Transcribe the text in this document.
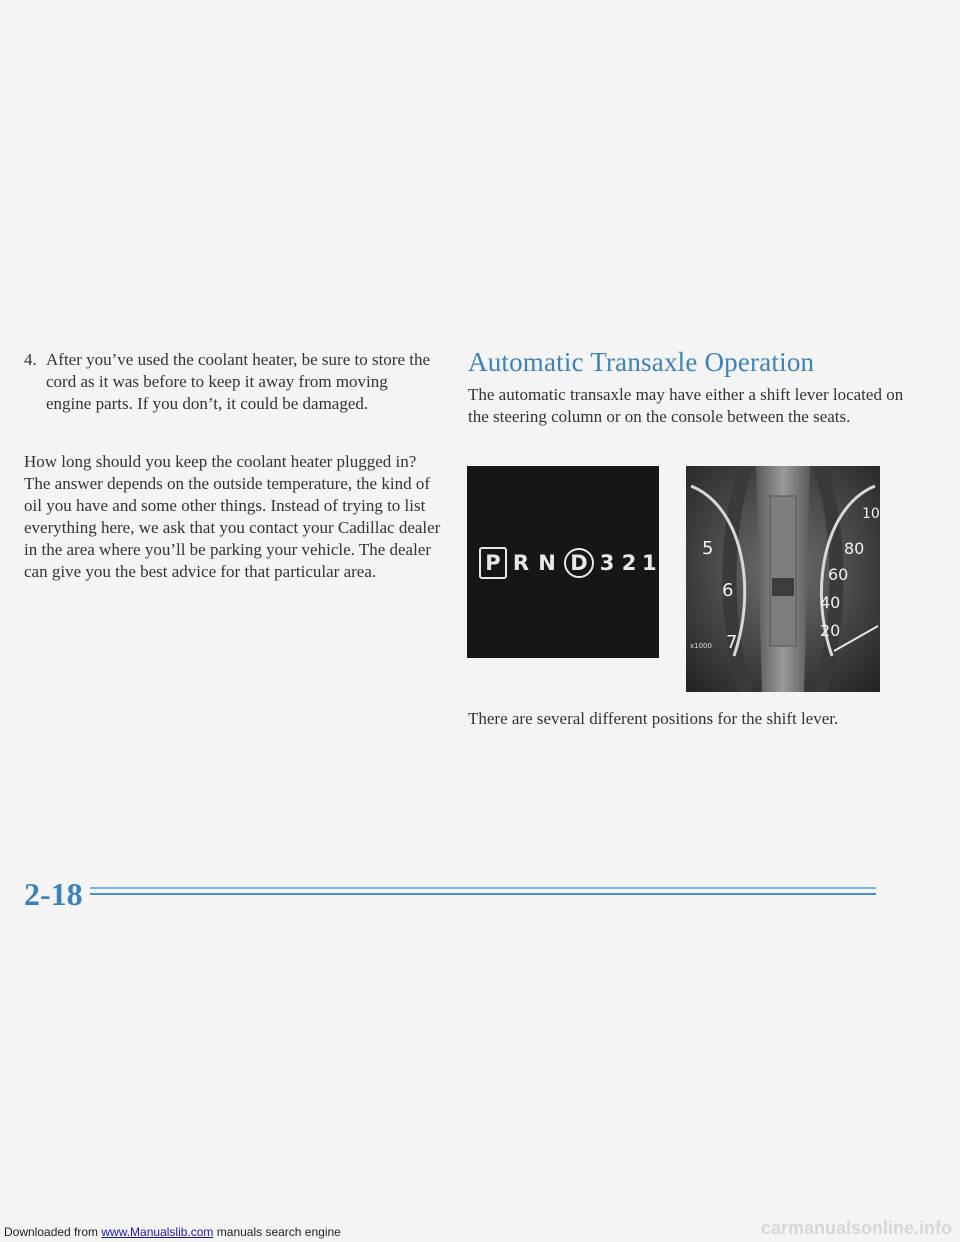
4. After you’ve used the coolant heater, be sure to store the cord as it was before to keep it away from moving engine parts. If you don’t, it could be damaged.
How long should you keep the coolant heater plugged in? The answer depends on the outside temperature, the kind of oil you have and some other things. Instead of trying to list everything here, we ask that you contact your Cadillac dealer in the area where you’ll be parking your vehicle. The dealer can give you the best advice for that particular area.
Automatic Transaxle Operation
The automatic transaxle may have either a shift lever located on the steering column or on the console between the seats.
P R N D 3 2 1
5
6
7
x1000
10
80
60
40
20
There are several different positions for the shift lever.
2-18
Downloaded from www.Manualslib.com manuals search engine	carmanualsonline.info
